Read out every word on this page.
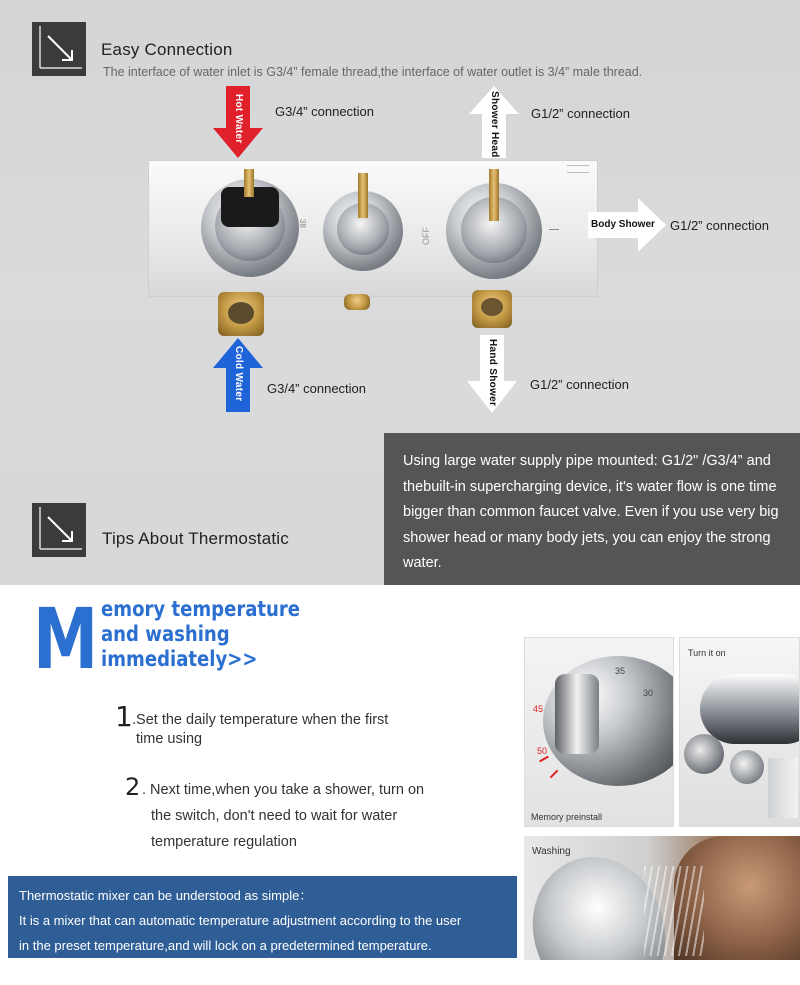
Easy Connection
The interface of water inlet is G3/4” female thread,the interface of water outlet is 3/4” male thread.
Hot Water G3/4” connection	Shower Head G1/2” connection
38
OFF
Body Shower G1/2” connection
Cold Water G3/4” connection	Hand Shower G1/2” connection
Tips About Thermostatic

Using large water supply pipe mounted: G1/2" /G3/4” and thebuilt-in supercharging device, it's water flow is one time bigger than common faucet valve. Even if you use very big shower head or many body jets, you can enjoy the strong water.

M emory temperature
and washing
immediately>>
1 .Set the daily temperature when the first
time using
2 . Next time,when you take a shower, turn on
the switch, don't need to wait for water
temperature regulation

Thermostatic mixer can be understood as simple：

It is a mixer that can automatic temperature adjustment according to the user

in the preset temperature,and will lock on a predetermined temperature.

35
30
45
50
Memory preinstall
Turn it on
Washing
